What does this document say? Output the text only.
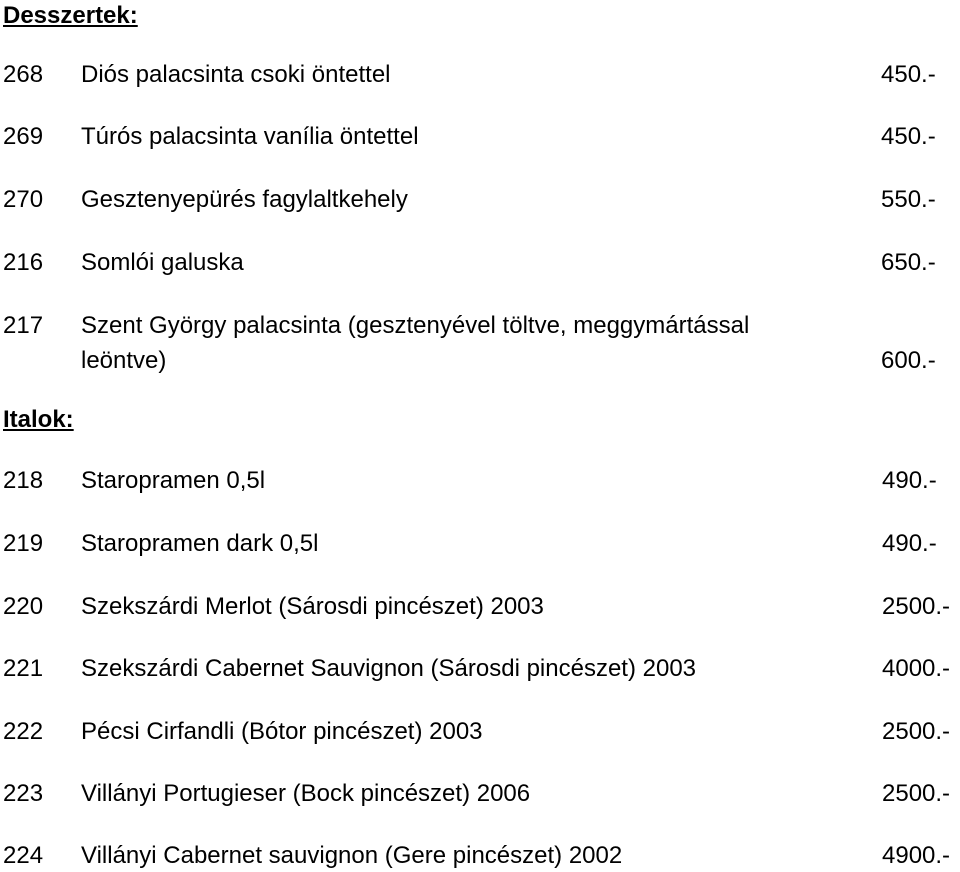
Desszertek:
268 Diós palacsinta csoki öntettel	450.-
269 Túrós palacsinta vanília öntettel	450.-
270 Gesztenyepürés fagylaltkehely	550.-
216 Somlói galuska	650.-
217 Szent György palacsinta (gesztenyével töltve, meggymártással
leöntve)	600.-
Italok:
218 Staropramen 0,5l	490.-
219 Staropramen dark 0,5l	490.-
220 Szekszárdi Merlot (Sárosdi pincészet) 2003	2500.-
221 Szekszárdi Cabernet Sauvignon (Sárosdi pincészet) 2003	4000.-
222 Pécsi Cirfandli (Bótor pincészet) 2003	2500.-
223 Villányi Portugieser (Bock pincészet) 2006	2500.-
224 Villányi Cabernet sauvignon (Gere pincészet) 2002	4900.-
